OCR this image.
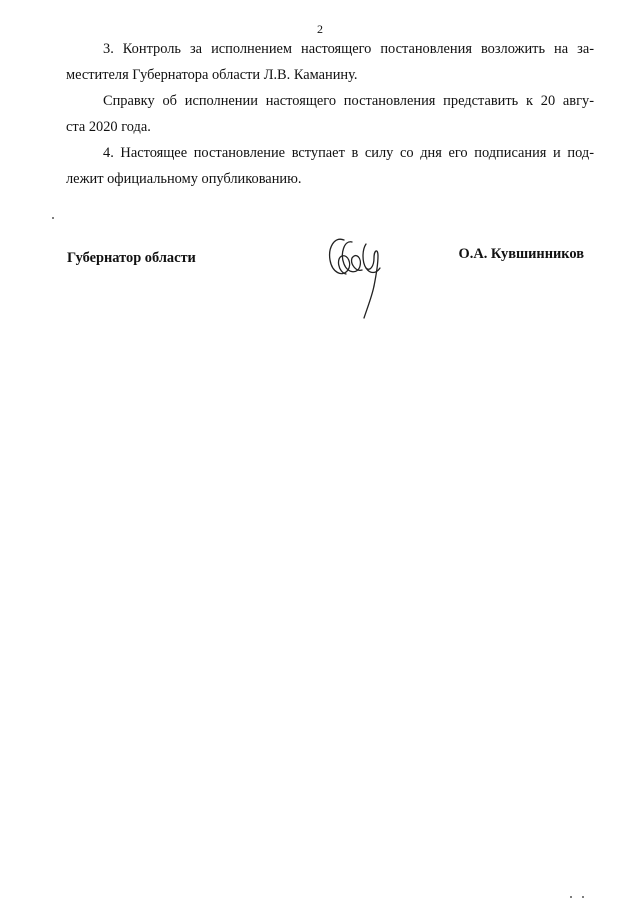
2

3. Контроль за исполнением настоящего постановления возложить на за-
местителя Губернатора области Л.В. Каманину.

Справку об исполнении настоящего постановления представить к 20 авгу-
ста 2020 года.

4. Настоящее постановление вступает в силу со дня его подписания и под-
лежит официальному опубликованию.

Губернатор области	О.А. Кувшинников
